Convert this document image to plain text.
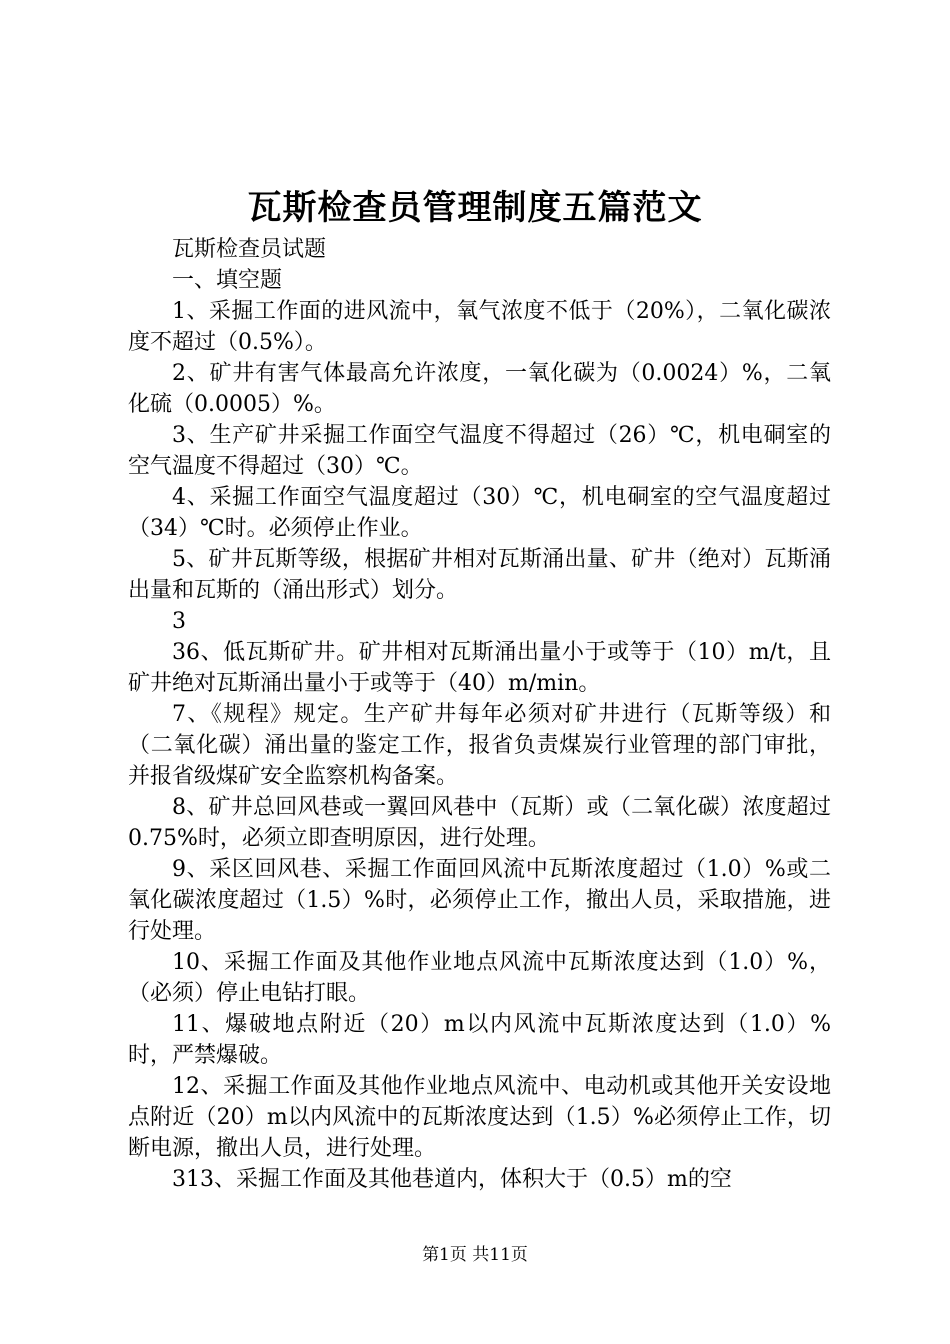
瓦斯检查员管理制度五篇范文

瓦斯检查员试题

一、填空题

1、采掘工作面的进风流中，氧气浓度不低于（20%），二氧化碳浓度不超过（0.5%）。

2、矿井有害气体最高允许浓度，一氧化碳为（0.0024）%，二氧化硫（0.0005）%。

3、生产矿井采掘工作面空气温度不得超过（26）℃，机电硐室的空气温度不得超过（30）℃。

4、采掘工作面空气温度超过（30）℃，机电硐室的空气温度超过（34）℃时。必须停止作业。

5、矿井瓦斯等级，根据矿井相对瓦斯涌出量、矿井（绝对）瓦斯涌出量和瓦斯的（涌出形式）划分。

3

36、低瓦斯矿井。矿井相对瓦斯涌出量小于或等于（10）m/t，且矿井绝对瓦斯涌出量小于或等于（40）m/min。

7、《规程》规定。生产矿井每年必须对矿井进行（瓦斯等级）和（二氧化碳）涌出量的鉴定工作，报省负责煤炭行业管理的部门审批，并报省级煤矿安全监察机构备案。

8、矿井总回风巷或一翼回风巷中（瓦斯）或（二氧化碳）浓度超过0.75%时，必须立即查明原因，进行处理。

9、采区回风巷、采掘工作面回风流中瓦斯浓度超过（1.0）%或二氧化碳浓度超过（1.5）%时，必须停止工作，撤出人员，采取措施，进行处理。

10、采掘工作面及其他作业地点风流中瓦斯浓度达到（1.0）%，（必须）停止电钻打眼。

11、爆破地点附近（20）m以内风流中瓦斯浓度达到（1.0）%时，严禁爆破。

12、采掘工作面及其他作业地点风流中、电动机或其他开关安设地点附近（20）m以内风流中的瓦斯浓度达到（1.5）%必须停止工作，切断电源，撤出人员，进行处理。

313、采掘工作面及其他巷道内，体积大于（0.5）m的空

第1页 共11页
